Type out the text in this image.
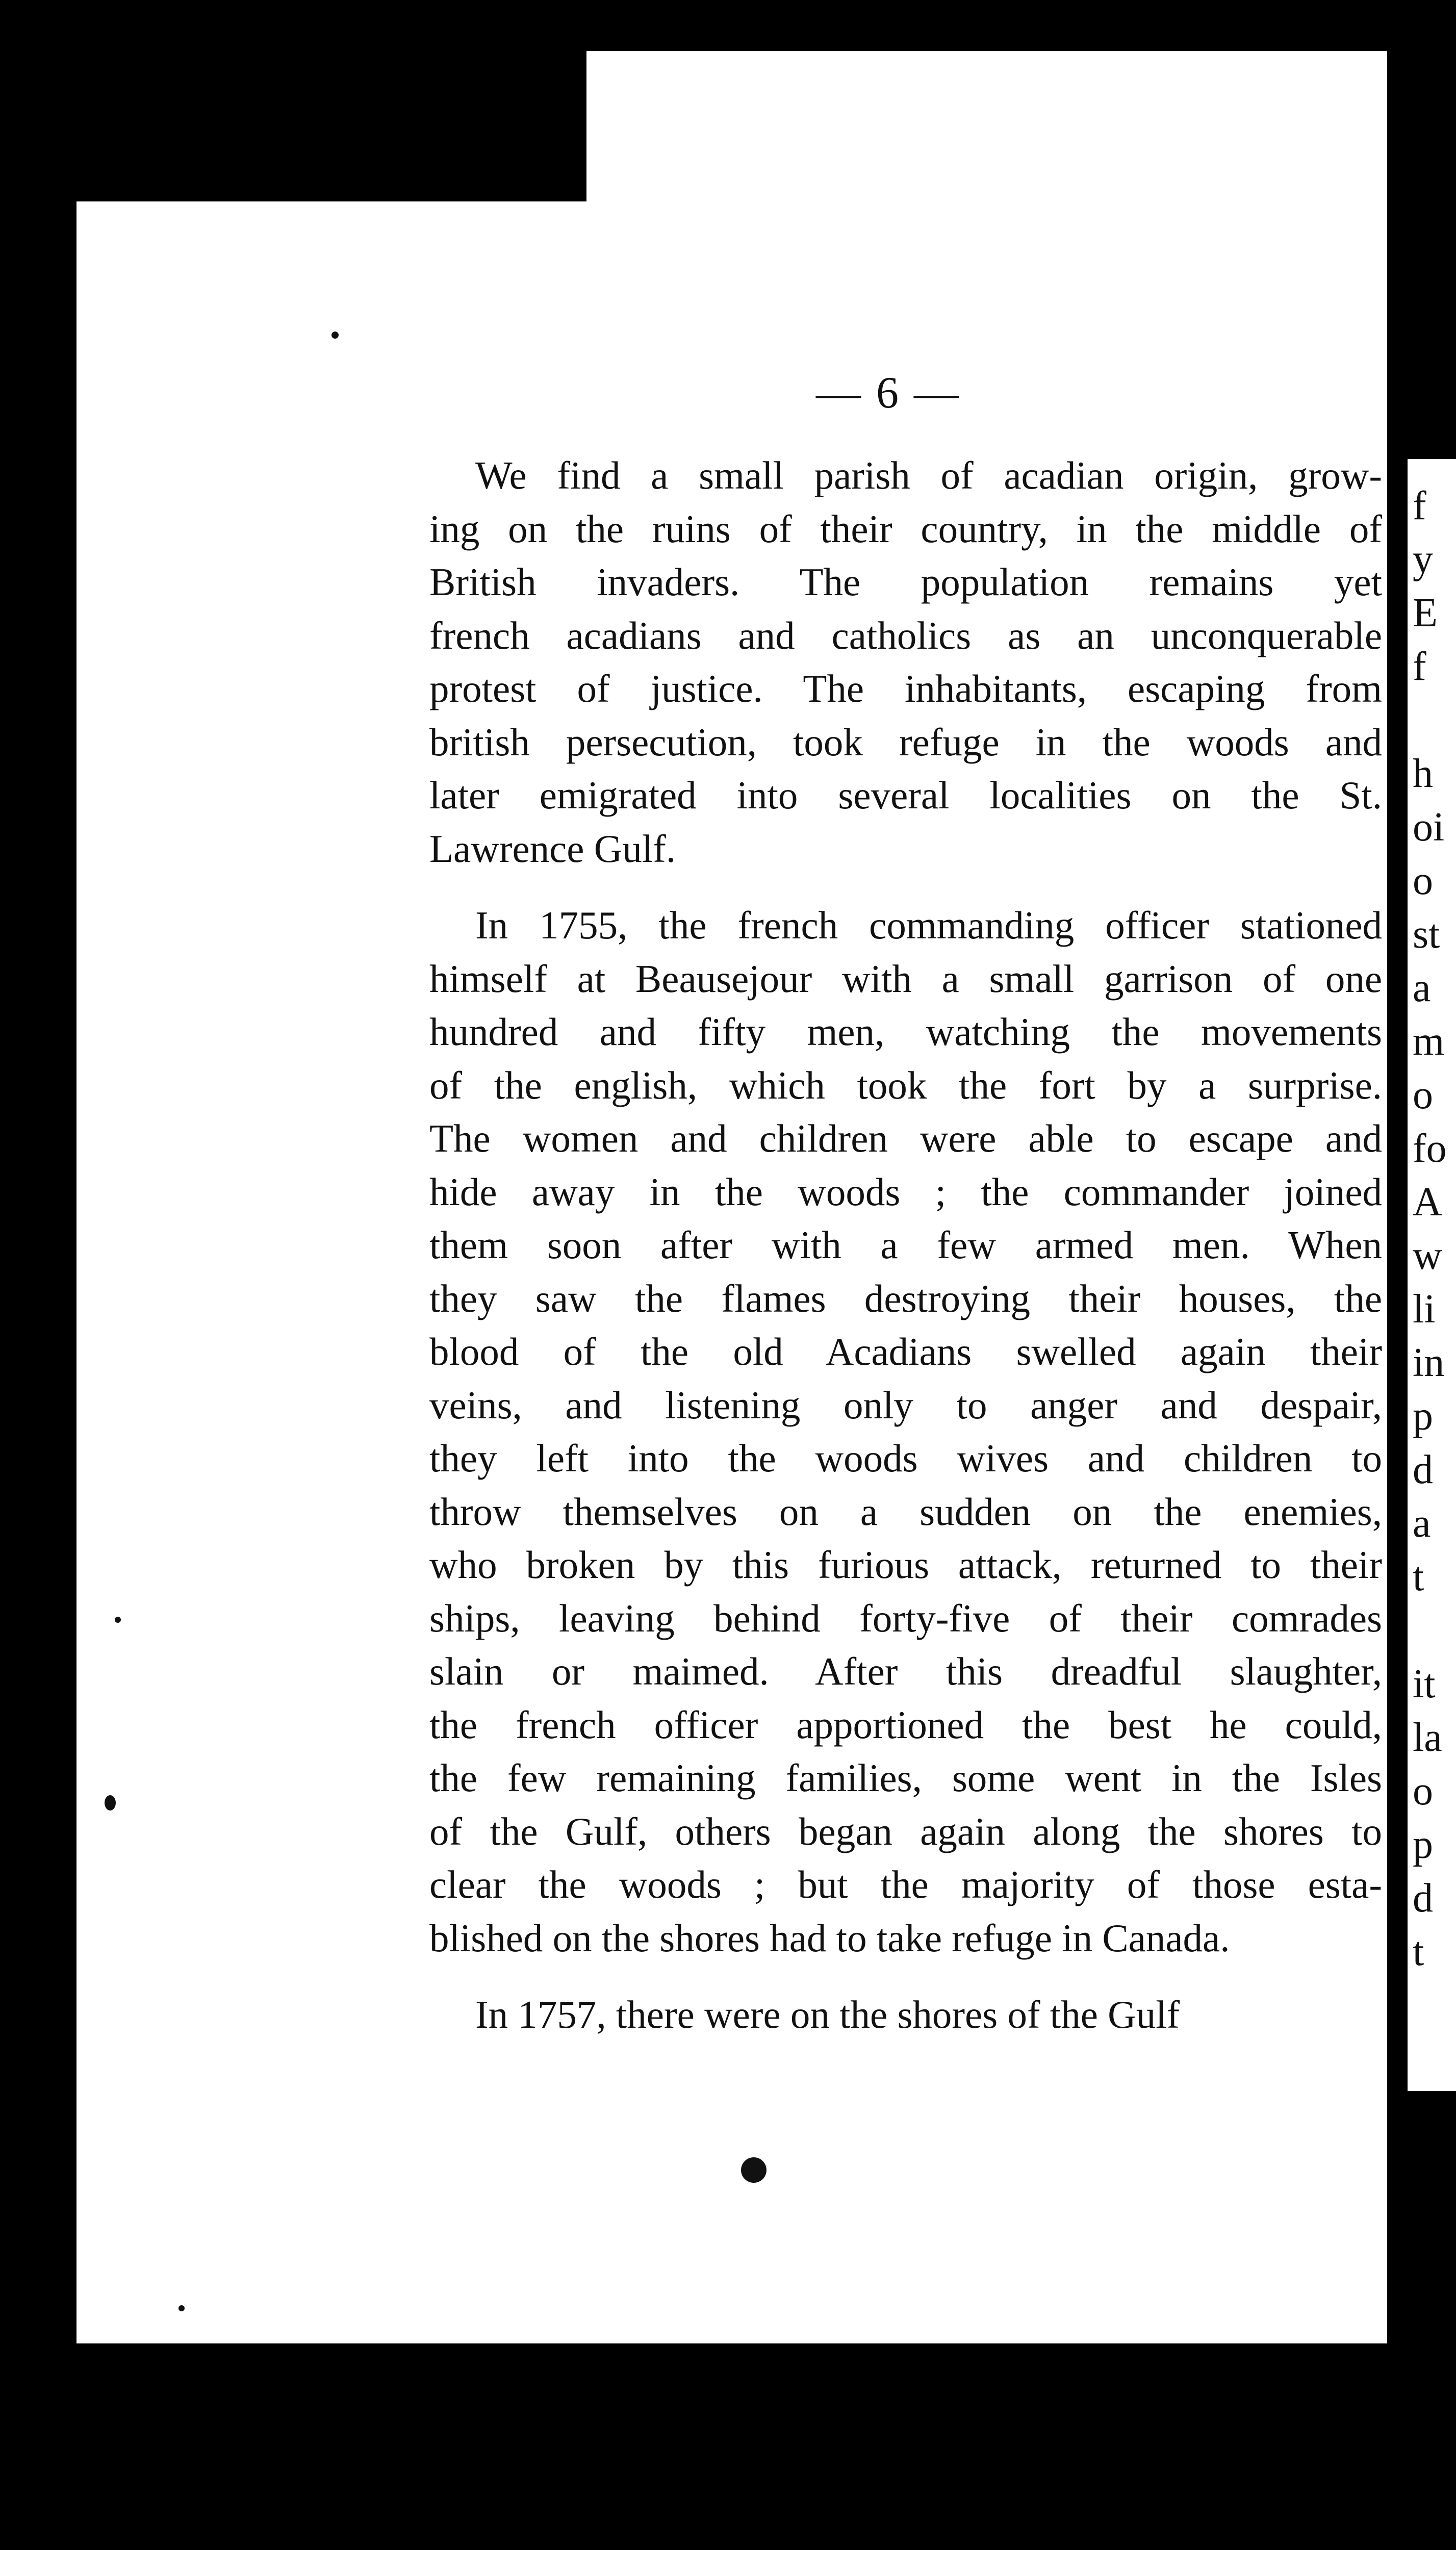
f
y
E
f
h
oi
o
st
a
m
o
fo
A
w
li
in
p
d
a
t
it
la
o
p
d
t
— 6 —
We find a small parish of acadian origin, grow-
ing on the ruins of their country, in the middle of
British invaders. The population remains yet
french acadians and catholics as an unconquerable
protest of justice. The inhabitants, escaping from
british persecution, took refuge in the woods and
later emigrated into several localities on the St.
Lawrence Gulf.
In 1755, the french commanding officer stationed
himself at Beausejour with a small garrison of one
hundred and fifty men, watching the movements
of the english, which took the fort by a surprise.
The women and children were able to escape and
hide away in the woods ; the commander joined
them soon after with a few armed men. When
they saw the flames destroying their houses, the
blood of the old Acadians swelled again their
veins, and listening only to anger and despair,
they left into the woods wives and children to
throw themselves on a sudden on the enemies,
who broken by this furious attack, returned to their
ships, leaving behind forty-five of their comrades
slain or maimed. After this dreadful slaughter,
the french officer apportioned the best he could,
the few remaining families, some went in the Isles
of the Gulf, others began again along the shores to
clear the woods ; but the majority of those esta-
blished on the shores had to take refuge in Canada.
In 1757, there were on the shores of the Gulf
